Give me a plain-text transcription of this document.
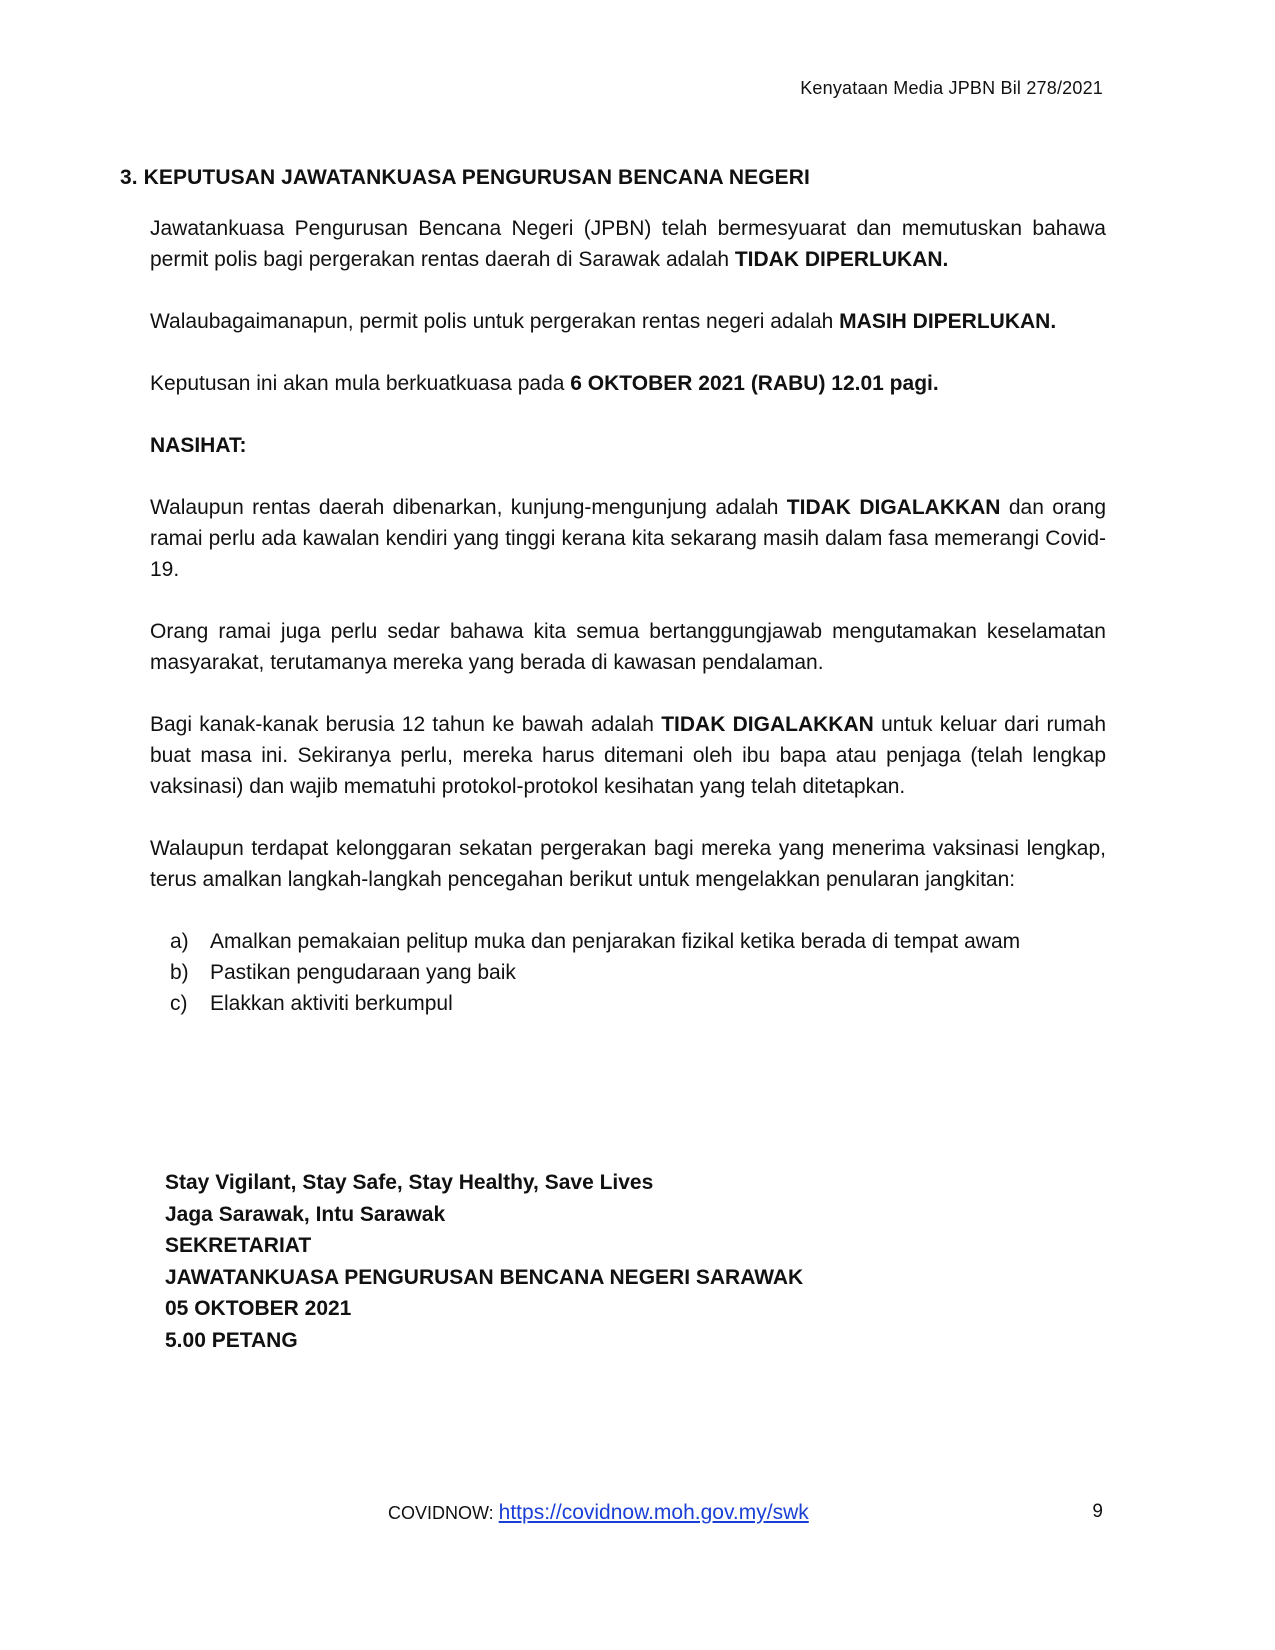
Kenyataan Media JPBN Bil 278/2021
3. KEPUTUSAN JAWATANKUASA PENGURUSAN BENCANA NEGERI

Jawatankuasa Pengurusan Bencana Negeri (JPBN) telah bermesyuarat dan memutuskan bahawa permit polis bagi pergerakan rentas daerah di Sarawak adalah TIDAK DIPERLUKAN.

Walaubagaimanapun, permit polis untuk pergerakan rentas negeri adalah MASIH DIPERLUKAN.

Keputusan ini akan mula berkuatkuasa pada 6 OKTOBER 2021 (RABU) 12.01 pagi.

NASIHAT:

Walaupun rentas daerah dibenarkan, kunjung-mengunjung adalah TIDAK DIGALAKKAN dan orang ramai perlu ada kawalan kendiri yang tinggi kerana kita sekarang masih dalam fasa memerangi Covid-19.

Orang ramai juga perlu sedar bahawa kita semua bertanggungjawab mengutamakan keselamatan masyarakat, terutamanya mereka yang berada di kawasan pendalaman.

Bagi kanak-kanak berusia 12 tahun ke bawah adalah TIDAK DIGALAKKAN untuk keluar dari rumah buat masa ini. Sekiranya perlu, mereka harus ditemani oleh ibu bapa atau penjaga (telah lengkap vaksinasi) dan wajib mematuhi protokol-protokol kesihatan yang telah ditetapkan.

Walaupun terdapat kelonggaran sekatan pergerakan bagi mereka yang menerima vaksinasi lengkap, terus amalkan langkah-langkah pencegahan berikut untuk mengelakkan penularan jangkitan:

a)	Amalkan pemakaian pelitup muka dan penjarakan fizikal ketika berada di tempat awam
b)	Pastikan pengudaraan yang baik
c)	Elakkan aktiviti berkumpul
Stay Vigilant, Stay Safe, Stay Healthy, Save Lives
Jaga Sarawak, Intu Sarawak
SEKRETARIAT
JAWATANKUASA PENGURUSAN BENCANA NEGERI SARAWAK
05 OKTOBER 2021
5.00 PETANG
COVIDNOW: https://covidnow.moh.gov.my/swk	9
